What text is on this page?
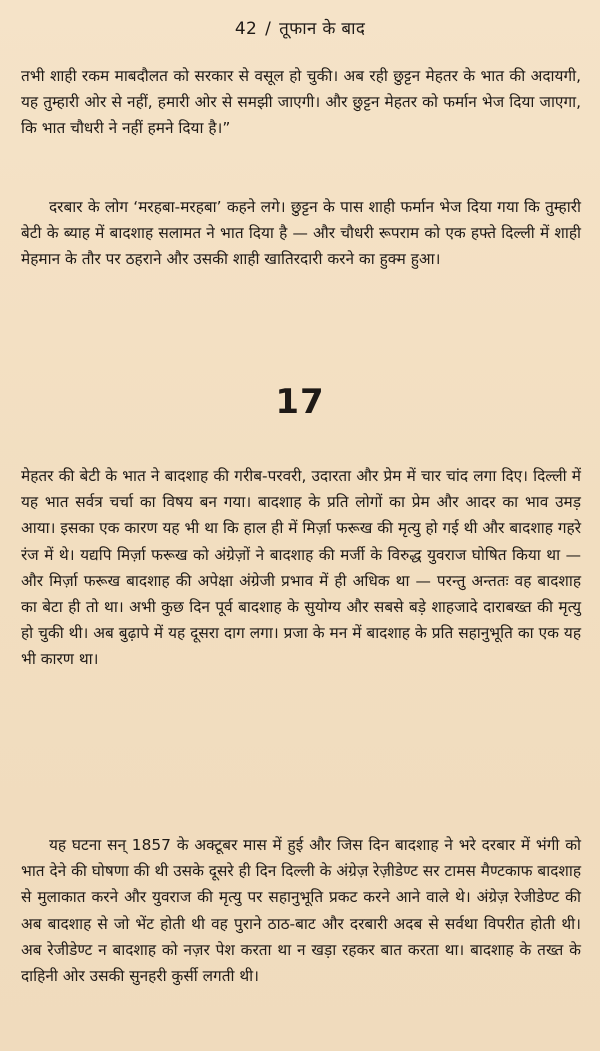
42 / तूफान के बाद

तभी शाही रकम माबदौलत को सरकार से वसूल हो चुकी। अब रही छुट्टन मेहतर के भात की अदायगी, यह तुम्हारी ओर से नहीं, हमारी ओर से समझी जाएगी। और छुट्टन मेहतर को फर्मान भेज दिया जाएगा, कि भात चौधरी ने नहीं हमने दिया है।”

दरबार के लोग ‘मरहबा-मरहबा’ कहने लगे। छुट्टन के पास शाही फर्मान भेज दिया गया कि तुम्हारी बेटी के ब्याह में बादशाह सलामत ने भात दिया है — और चौधरी रूपराम को एक हफ्ते दिल्ली में शाही मेहमान के तौर पर ठहराने और उसकी शाही खातिरदारी करने का हुक्म हुआ।

17

मेहतर की बेटी के भात ने बादशाह की गरीब-परवरी, उदारता और प्रेम में चार चांद लगा दिए। दिल्ली में यह भात सर्वत्र चर्चा का विषय बन गया। बादशाह के प्रति लोगों का प्रेम और आदर का भाव उमड़ आया। इसका एक कारण यह भी था कि हाल ही में मिर्ज़ा फरूख की मृत्यु हो गई थी और बादशाह गहरे रंज में थे। यद्यपि मिर्ज़ा फरूख को अंग्रेज़ों ने बादशाह की मर्जी के विरुद्ध युवराज घोषित किया था — और मिर्ज़ा फरूख बादशाह की अपेक्षा अंग्रेजी प्रभाव में ही अधिक था — परन्तु अन्ततः वह बादशाह का बेटा ही तो था। अभी कुछ दिन पूर्व बादशाह के सुयोग्य और सबसे बड़े शाहजादे दाराबख्त की मृत्यु हो चुकी थी। अब बुढ़ापे में यह दूसरा दाग लगा। प्रजा के मन में बादशाह के प्रति सहानुभूति का एक यह भी कारण था।

यह घटना सन् 1857 के अक्टूबर मास में हुई और जिस दिन बादशाह ने भरे दरबार में भंगी को भात देने की घोषणा की थी उसके दूसरे ही दिन दिल्ली के अंग्रेज़ रेज़ीडेण्ट सर टामस मैण्टकाफ बादशाह से मुलाकात करने और युवराज की मृत्यु पर सहानुभूति प्रकट करने आने वाले थे। अंग्रेज़ रेजीडेण्ट की अब बादशाह से जो भेंट होती थी वह पुराने ठाठ-बाट और दरबारी अदब से सर्वथा विपरीत होती थी। अब रेजीडेण्ट न बादशाह को नज़र पेश करता था न खड़ा रहकर बात करता था। बादशाह के तख्त के दाहिनी ओर उसकी सुनहरी कुर्सी लगती थी।
